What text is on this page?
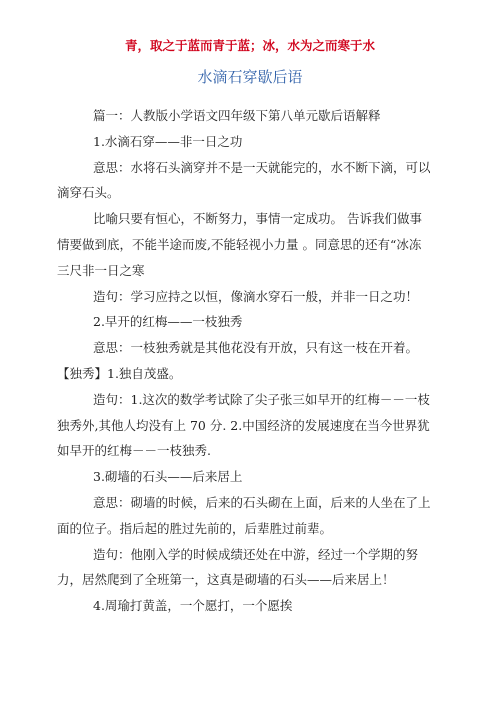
青，取之于蓝而青于蓝；冰，水为之而寒于水
水滴石穿歇后语

篇一：人教版小学语文四年级下第八单元歇后语解释

1.水滴石穿——非一日之功

意思：水将石头滴穿并不是一天就能完的，水不断下滴，可以滴穿石头。

比喻只要有恒心，不断努力，事情一定成功。 告诉我们做事情要做到底，不能半途而废,不能轻视小力量 。同意思的还有“冰冻三尺非一日之寒

造句：学习应持之以恒，像滴水穿石一般，并非一日之功！

2.早开的红梅——一枝独秀

意思：一枝独秀就是其他花没有开放，只有这一枝在开着。

【独秀】1.独自茂盛。

造句：1.这次的数学考试除了尖子张三如早开的红梅－－一枝独秀外,其他人均没有上 70 分. 2.中国经济的发展速度在当今世界犹如早开的红梅－－一枝独秀.

3.砌墙的石头——后来居上

意思：砌墙的时候，后来的石头砌在上面，后来的人坐在了上面的位子。指后起的胜过先前的，后辈胜过前辈。

造句：他刚入学的时候成绩还处在中游，经过一个学期的努力，居然爬到了全班第一，这真是砌墙的石头——后来居上！

4.周瑜打黄盖，一个愿打，一个愿挨
